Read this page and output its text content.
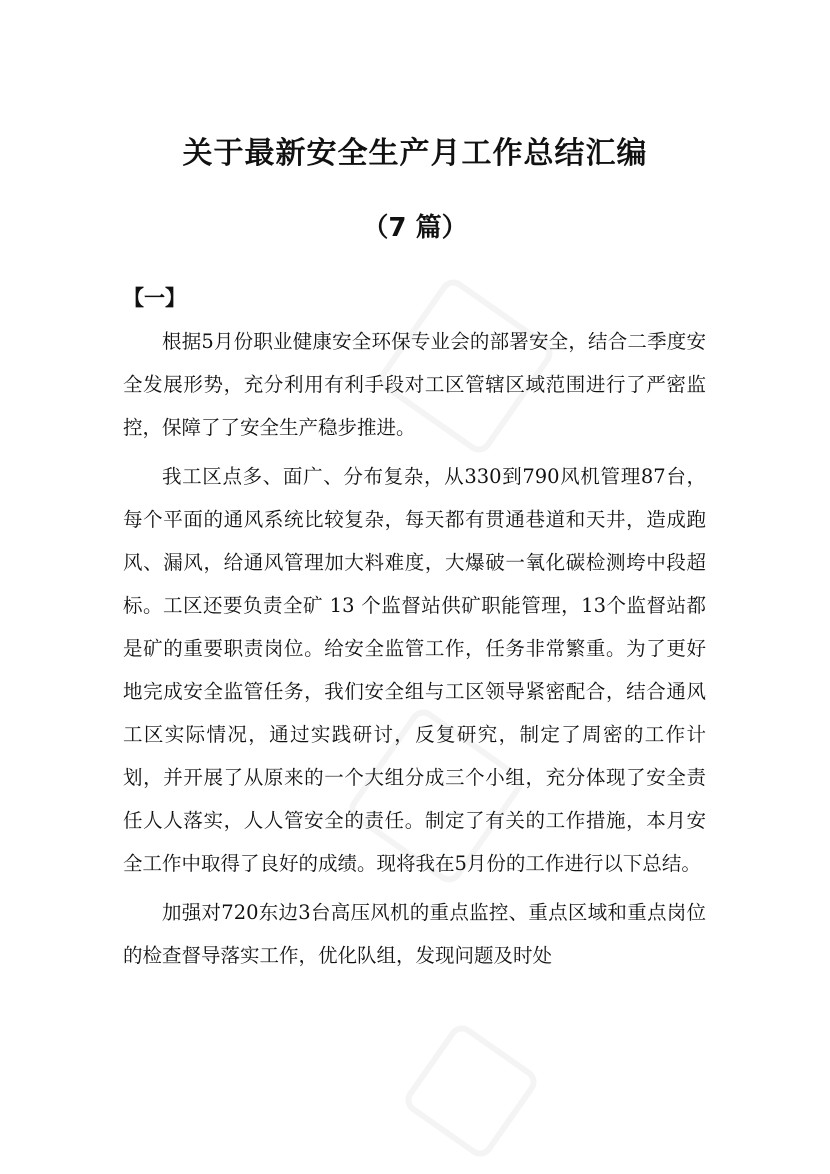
关于最新安全生产月工作总结汇编
（7 篇）
【一】

根据5月份职业健康安全环保专业会的部署安全，结合二季度安全发展形势，充分利用有利手段对工区管辖区域范围进行了严密监控，保障了了安全生产稳步推进。

我工区点多、面广、分布复杂，从330到790风机管理87台，每个平面的通风系统比较复杂，每天都有贯通巷道和天井，造成跑风、漏风，给通风管理加大料难度，大爆破一氧化碳检测垮中段超标。工区还要负责全矿 13 个监督站供矿职能管理，13个监督站都是矿的重要职责岗位。给安全监管工作，任务非常繁重。为了更好地完成安全监管任务，我们安全组与工区领导紧密配合，结合通风工区实际情况，通过实践研讨，反复研究，制定了周密的工作计划，并开展了从原来的一个大组分成三个小组，充分体现了安全责任人人落实，人人管安全的责任。制定了有关的工作措施，本月安全工作中取得了良好的成绩。现将我在5月份的工作进行以下总结。

加强对720东边3台高压风机的重点监控、重点区域和重点岗位的检查督导落实工作，优化队组，发现问题及时处
